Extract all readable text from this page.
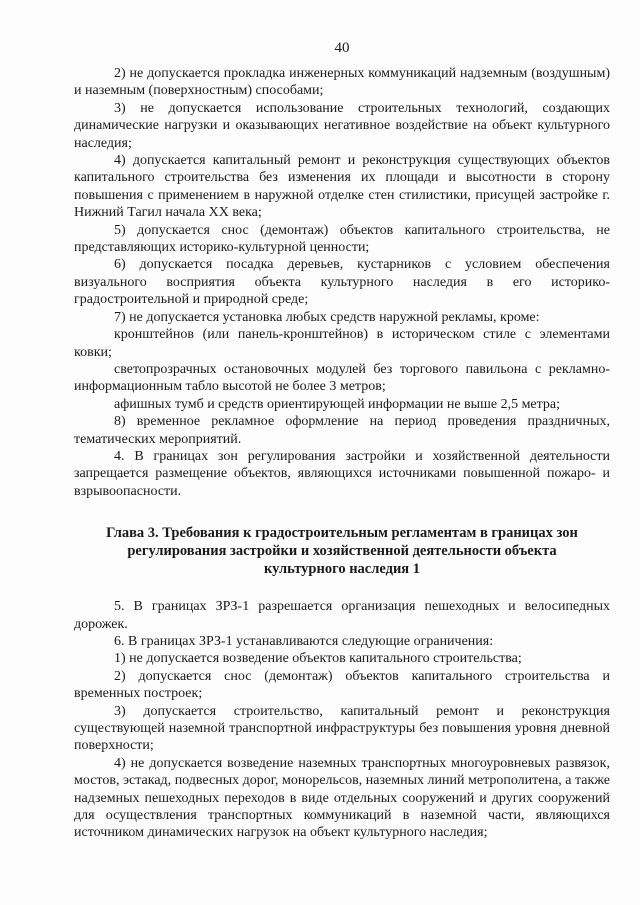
40

2) не допускается прокладка инженерных коммуникаций надземным (воздушным) и наземным (поверхностным) способами;

3) не допускается использование строительных технологий, создающих динамические нагрузки и оказывающих негативное воздействие на объект культурного наследия;

4) допускается капитальный ремонт и реконструкция существующих объектов капитального строительства без изменения их площади и высотности в сторону повышения с применением в наружной отделке стен стилистики, присущей застройке г. Нижний Тагил начала XX века;

5) допускается снос (демонтаж) объектов капитального строительства, не представляющих историко-культурной ценности;

6) допускается посадка деревьев, кустарников с условием обеспечения визуального восприятия объекта культурного наследия в его историко-градостроительной и природной среде;

7) не допускается установка любых средств наружной рекламы, кроме:

кронштейнов (или панель-кронштейнов) в историческом стиле с элементами ковки;

светопрозрачных остановочных модулей без торгового павильона с рекламно-информационным табло высотой не более 3 метров;

афишных тумб и средств ориентирующей информации не выше 2,5 метра;

8) временное рекламное оформление на период проведения праздничных, тематических мероприятий.

4. В границах зон регулирования застройки и хозяйственной деятельности запрещается размещение объектов, являющихся источниками повышенной пожаро- и взрывоопасности.

Глава 3. Требования к градостроительным регламентам в границах зон
регулирования застройки и хозяйственной деятельности объекта
культурного наследия 1

5. В границах ЗРЗ-1 разрешается организация пешеходных и велосипедных дорожек.

6. В границах ЗРЗ-1 устанавливаются следующие ограничения:

1) не допускается возведение объектов капитального строительства;

2) допускается снос (демонтаж) объектов капитального строительства и временных построек;

3) допускается строительство, капитальный ремонт и реконструкция существующей наземной транспортной инфраструктуры без повышения уровня дневной поверхности;

4) не допускается возведение наземных транспортных многоуровневых развязок, мостов, эстакад, подвесных дорог, монорельсов, наземных линий метрополитена, а также надземных пешеходных переходов в виде отдельных сооружений и других сооружений для осуществления транспортных коммуникаций в наземной части, являющихся источником динамических нагрузок на объект культурного наследия;
